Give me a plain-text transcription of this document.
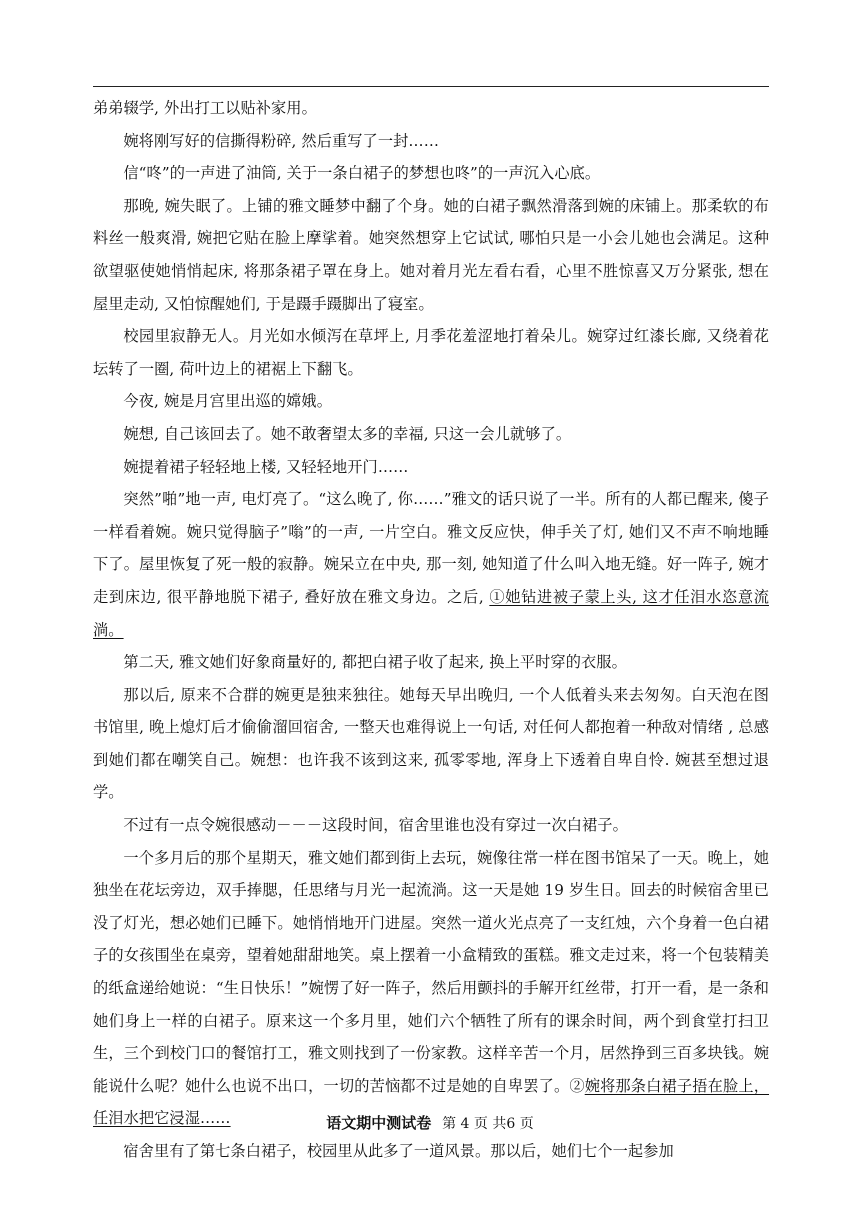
弟弟辍学, 外出打工以贴补家用。

婉将刚写好的信撕得粉碎, 然后重写了一封……

信“咚”的一声进了油筒, 关于一条白裙子的梦想也咚”的一声沉入心底。

那晚, 婉失眠了。上铺的雅文睡梦中翻了个身。她的白裙子飘然滑落到婉的床铺上。那柔软的布料丝一般爽滑, 婉把它贴在脸上摩挲着。她突然想穿上它试试, 哪怕只是一小会儿她也会满足。这种欲望驱使她悄悄起床, 将那条裙子罩在身上。她对着月光左看右看，心里不胜惊喜又万分紧张, 想在屋里走动, 又怕惊醒她们, 于是蹑手蹑脚出了寝室。

校园里寂静无人。月光如水倾泻在草坪上, 月季花羞涩地打着朵儿。婉穿过红漆长廊, 又绕着花坛转了一圈, 荷叶边上的裙裾上下翻飞。

今夜, 婉是月宫里出巡的嫦娥。

婉想, 自己该回去了。她不敢奢望太多的幸福, 只这一会儿就够了。

婉提着裙子轻轻地上楼, 又轻轻地开门……

突然”啪”地一声, 电灯亮了。“这么晚了, 你……”雅文的话只说了一半。所有的人都已醒来, 傻子一样看着婉。婉只觉得脑子”嗡”的一声, 一片空白。雅文反应快，伸手关了灯, 她们又不声不响地睡下了。屋里恢复了死一般的寂静。婉呆立在中央, 那一刻, 她知道了什么叫入地无缝。好一阵子, 婉才走到床边, 很平静地脱下裙子, 叠好放在雅文身边。之后, ①她钻进被子蒙上头, 这才任泪水恣意流淌。

第二天, 雅文她们好象商量好的, 都把白裙子收了起来, 换上平时穿的衣服。

那以后, 原来不合群的婉更是独来独往。她每天早出晚归, 一个人低着头来去匆匆。白天泡在图书馆里, 晚上熄灯后才偷偷溜回宿舍, 一整天也难得说上一句话, 对任何人都抱着一种敌对情绪 , 总感到她们都在嘲笑自己。婉想：也许我不该到这来, 孤零零地, 浑身上下透着自卑自怜. 婉甚至想过退学。

不过有一点令婉很感动－－－这段时间，宿舍里谁也没有穿过一次白裙子。

一个多月后的那个星期天，雅文她们都到街上去玩，婉像往常一样在图书馆呆了一天。晚上，她独坐在花坛旁边，双手捧腮，任思绪与月光一起流淌。这一天是她 19 岁生日。回去的时候宿舍里已没了灯光，想必她们已睡下。她悄悄地开门进屋。突然一道火光点亮了一支红烛，六个身着一色白裙子的女孩围坐在桌旁，望着她甜甜地笑。桌上摆着一小盒精致的蛋糕。雅文走过来，将一个包装精美的纸盒递给她说：“生日快乐！”婉愣了好一阵子，然后用颤抖的手解开红丝带，打开一看，是一条和她们身上一样的白裙子。原来这一个多月里，她们六个牺牲了所有的课余时间，两个到食堂打扫卫生，三个到校门口的餐馆打工，雅文则找到了一份家教。这样辛苦一个月，居然挣到三百多块钱。婉能说什么呢？她什么也说不出口，一切的苦恼都不过是她的自卑罢了。②婉将那条白裙子捂在脸上，任泪水把它浸湿……

宿舍里有了第七条白裙子，校园里从此多了一道风景。那以后，她们七个一起参加

语文期中测试卷 第 4 页 共6 页
